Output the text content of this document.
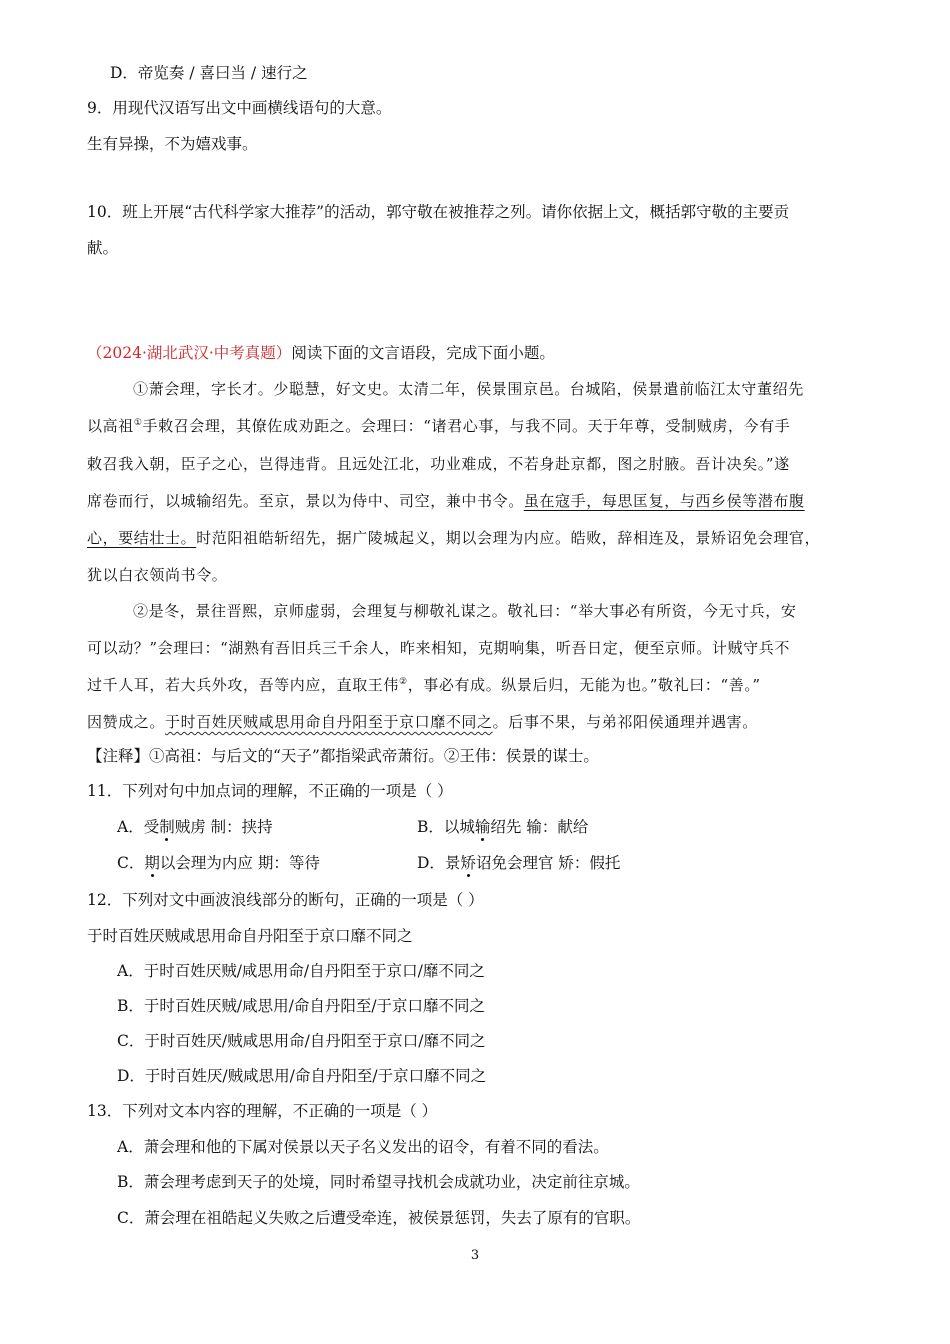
D．帝览奏 / 喜曰当 / 速行之
9．用现代汉语写出文中画横线语句的大意。
生有异操，不为嬉戏事。
10．班上开展“古代科学家大推荐”的活动，郭守敬在被推荐之列。请你依据上文，概括郭守敬的主要贡
献。
（2024·湖北武汉·中考真题）阅读下面的文言语段，完成下面小题。
①萧会理，字长才。少聪慧，好文史。太清二年，侯景围京邑。台城陷，侯景遣前临江太守董绍先
以高祖①手敕召会理，其僚佐成劝距之。会理曰：“诸君心事，与我不同。天于年尊，受制贼虏，今有手
敕召我入朝，臣子之心，岂得违背。且远处江北，功业难成，不若身赴京都，图之肘腋。吾计决矣。”遂
席卷而行，以城输绍先。至京，景以为侍中、司空，兼中书令。虽在寇手，每思匡复，与西乡侯等潜布腹
心，要结壮士。时范阳祖皓斩绍先，据广陵城起义，期以会理为内应。皓败，辞相连及，景矫诏免会理官，
犹以白衣领尚书令。
②是冬，景往晋熙，京师虚弱，会理复与柳敬礼谋之。敬礼曰：“举大事必有所资，今无寸兵，安
可以动？”会理曰：“湖熟有吾旧兵三千余人，昨来相知，克期响集，听吾日定，便至京师。计贼守兵不
过千人耳，若大兵外攻，吾等内应，直取王伟②，事必有成。纵景后归，无能为也。”敬礼曰：“善。”
因赞成之。于时百姓厌贼咸思用命自丹阳至于京口靡不同之。后事不果，与弟祁阳侯通理并遇害。
【注释】①高祖：与后文的“天子”都指梁武帝萧衍。②王伟：侯景的谋士。
11．下列对句中加点词的理解，不正确的一项是（ ）
A．受制贼虏 制：挟持	B．以城输绍先 输：献给
C．期以会理为内应 期：等待	D．景矫诏免会理官 矫：假托
12．下列对文中画波浪线部分的断句，正确的一项是（ ）
于时百姓厌贼咸思用命自丹阳至于京口靡不同之
A．于时百姓厌贼/咸思用命/自丹阳至于京口/靡不同之
B．于时百姓厌贼/咸思用/命自丹阳至/于京口靡不同之
C．于时百姓厌/贼咸思用命/自丹阳至于京口/靡不同之
D．于时百姓厌/贼咸思用/命自丹阳至/于京口靡不同之
13．下列对文本内容的理解，不正确的一项是（ ）
A．萧会理和他的下属对侯景以天子名义发出的诏令，有着不同的看法。
B．萧会理考虑到天子的处境，同时希望寻找机会成就功业，决定前往京城。
C．萧会理在祖皓起义失败之后遭受牵连，被侯景惩罚，失去了原有的官职。
3
